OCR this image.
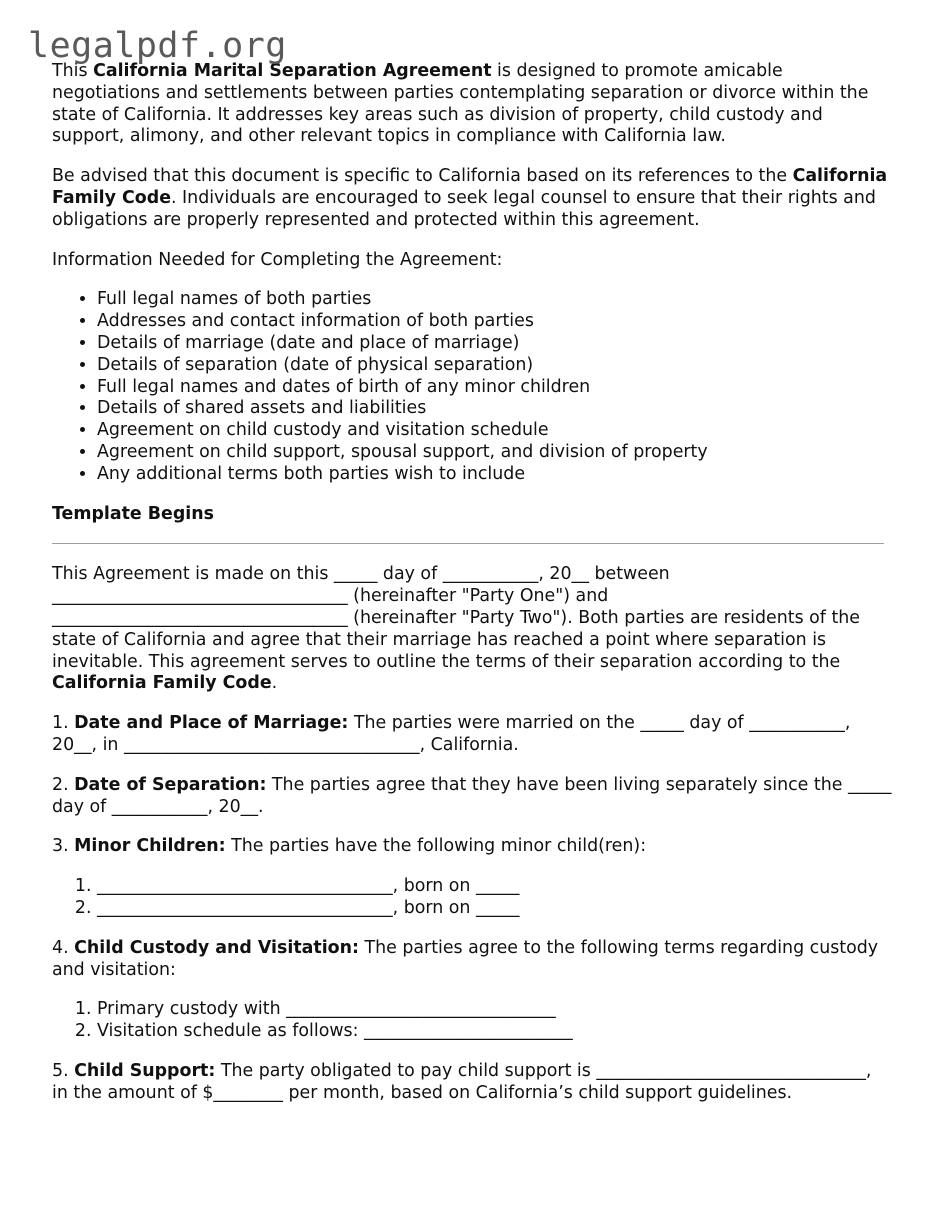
legalpdf.org

This California Marital Separation Agreement is designed to promote amicable negotiations and settlements between parties contemplating separation or divorce within the state of California. It addresses key areas such as division of property, child custody and support, alimony, and other relevant topics in compliance with California law.

Be advised that this document is specific to California based on its references to the California Family Code. Individuals are encouraged to seek legal counsel to ensure that their rights and obligations are properly represented and protected within this agreement.

Information Needed for Completing the Agreement:

• Full legal names of both parties
• Addresses and contact information of both parties
• Details of marriage (date and place of marriage)
• Details of separation (date of physical separation)
• Full legal names and dates of birth of any minor children
• Details of shared assets and liabilities
• Agreement on child custody and visitation schedule
• Agreement on child support, spousal support, and division of property
• Any additional terms both parties wish to include

Template Begins

This Agreement is made on this _____ day of ___________, 20__ between __________________________________ (hereinafter "Party One") and __________________________________ (hereinafter "Party Two"). Both parties are residents of the state of California and agree that their marriage has reached a point where separation is inevitable. This agreement serves to outline the terms of their separation according to the California Family Code.

1. Date and Place of Marriage: The parties were married on the _____ day of ___________, 20__, in __________________________________, California.

2. Date of Separation: The parties agree that they have been living separately since the _____ day of ___________, 20__.

3. Minor Children: The parties have the following minor child(ren):

1. __________________________________, born on _____
2. __________________________________, born on _____

4. Child Custody and Visitation: The parties agree to the following terms regarding custody and visitation:

1. Primary custody with _______________________________
2. Visitation schedule as follows: ________________________

5. Child Support: The party obligated to pay child support is _______________________________, in the amount of $________ per month, based on California’s child support guidelines.
